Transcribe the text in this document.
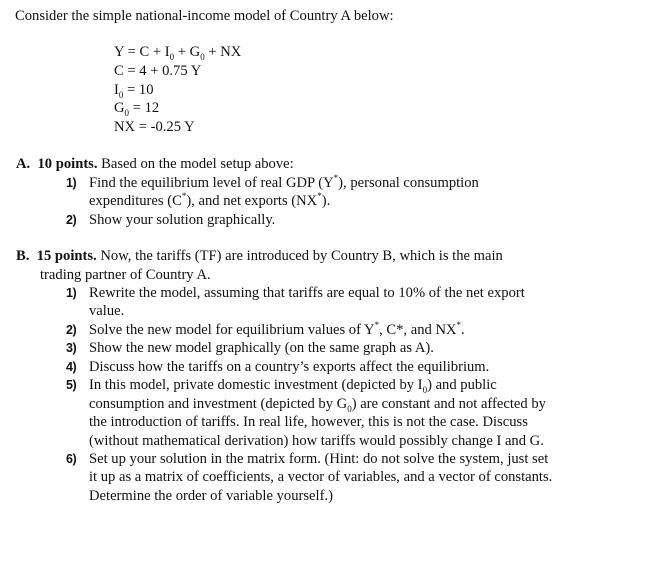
Consider the simple national-income model of Country A below:
$Y = C + I_0 + G_0$ + NX
C = 4 + 0.75 Y
$I_0 = 10$
$G_0 = 12$
NX = -0.25 Y
A. 10 points. Based on the model setup above:
1) Find the equilibrium level of real GDP (Y*), personal consumption
expenditures (C*), and net exports (NX*).
2) Show your solution graphically.
B. 15 points. Now, the tariffs (TF) are introduced by Country B, which is the main
trading partner of Country A.
1) Rewrite the model, assuming that tariffs are equal to 10% of the net export
value.
2) Solve the new model for equilibrium values of Y*, C*, and NX*.
3) Show the new model graphically (on the same graph as A).
4) Discuss how the tariffs on a country’s exports affect the equilibrium.
5) In this model, private domestic investment (depicted by $I_0$) and public
consumption and investment (depicted by $G_0$) are constant and not affected by
the introduction of tariffs. In real life, however, this is not the case. Discuss
(without mathematical derivation) how tariffs would possibly change I and G.
6) Set up your solution in the matrix form. (Hint: do not solve the system, just set
it up as a matrix of coefficients, a vector of variables, and a vector of constants.
Determine the order of variable yourself.)
